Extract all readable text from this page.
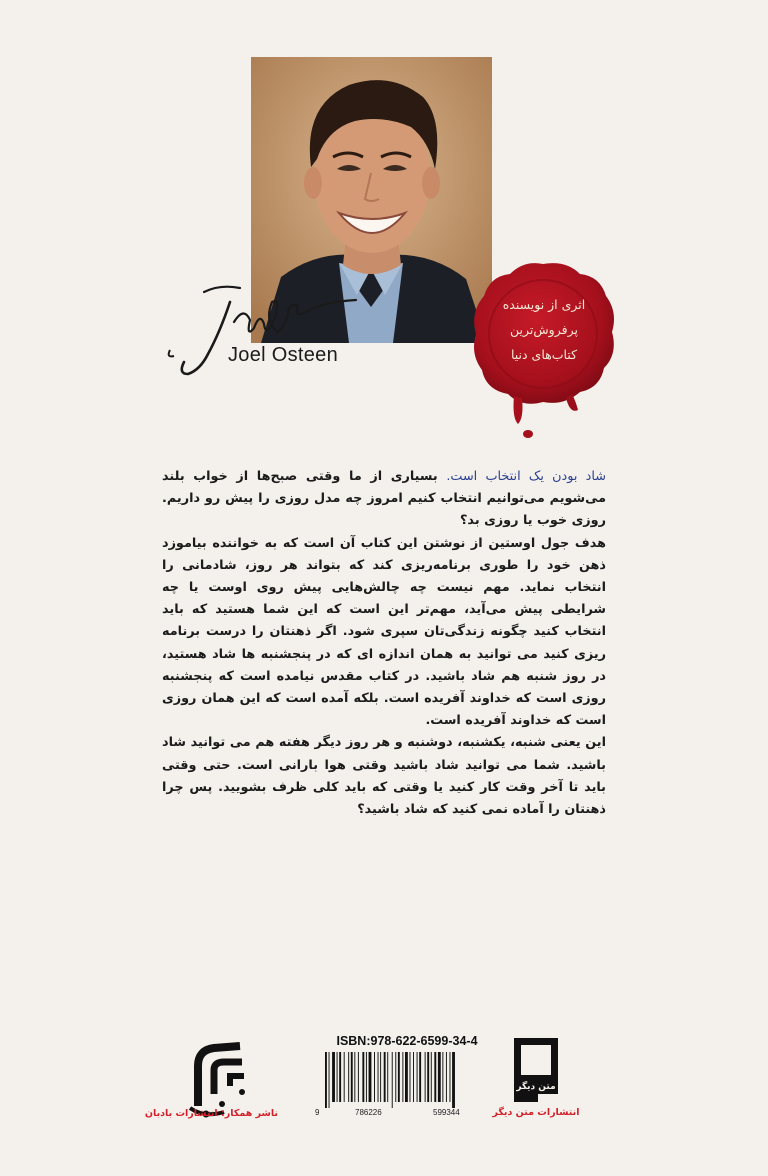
Joel Osteen
اثری از نویسنده
پرفروش‌ترین
کتاب‌های دنیا

شاد بودن یک انتخاب است. بسیاری از ما وقتی صبح‌ها از خواب بلند می‌شویم می‌توانیم انتخاب کنیم امروز چه مدل روزی را پیش رو داریم. روزی خوب یا روزی بد؟

هدف جول اوستین از نوشتن این کتاب آن است که به خواننده بیاموزد ذهن خود را طوری برنامه‌ریزی کند که بتواند هر روز، شادمانی را انتخاب نماید. مهم نیست چه چالش‌هایی پیش روی اوست یا چه شرایطی پیش می‌آید، مهم‌تر این است که این شما هستید که باید انتخاب کنید چگونه زندگی‌تان سپری شود. اگر ذهنتان را درست برنامه ریزی کنید می توانید به همان اندازه ای که در پنجشنبه ها شاد هستید، در روز شنبه هم شاد باشید. در کتاب مقدس نیامده است که پنجشنبه روزی است که خداوند آفریده است. بلکه آمده است که این همان روزی است که خداوند آفریده است.

این یعنی شنبه، یکشنبه، دوشنبه و هر روز دیگر هفته هم می توانید شاد باشید. شما می توانید شاد باشید وقتی هوا بارانی است. حتی وقتی باید تا آخر وقت کار کنید یا وقتی که باید کلی ظرف بشویید. پس چرا ذهنتان را آماده نمی کنید که شاد باشید؟

ناشر همکار: انتشارات بادبان
ISBN:978-622-6599-34-4
9	786226	599344
متن دیگر
انتشارات متن دیگر
